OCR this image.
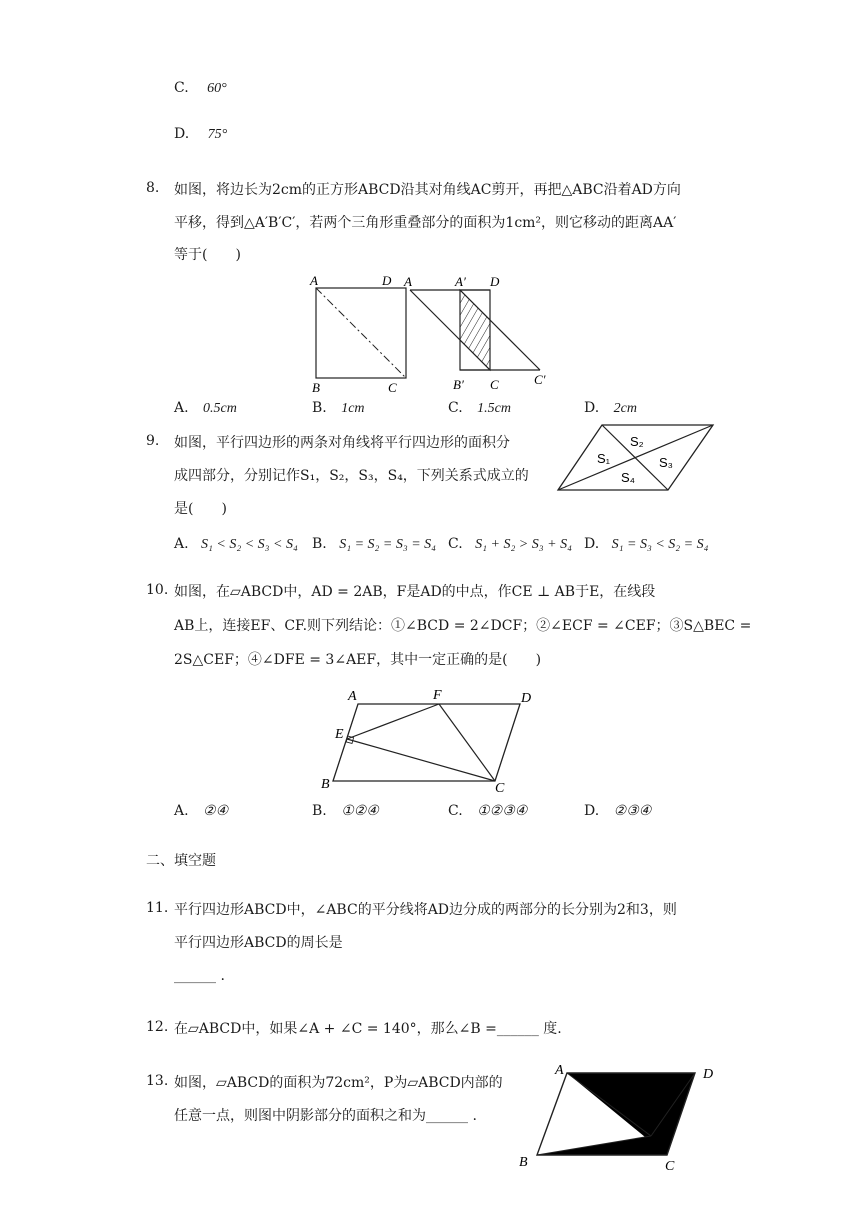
C. 60°
D. 75°
8. 如图，将边长为2cm的正方形ABCD沿其对角线AC剪开，再把△ABC沿着AD方向
平移，得到△A′B′C′，若两个三角形重叠部分的面积为1cm²，则它移动的距离AA′
等于(　　)
A	D
B	C
A	A′ D
B′ C	C′
A. 0.5cm	B. 1cm	C. 1.5cm	D. 2cm
9. 如图，平行四边形的两条对角线将平行四边形的面积分
成四部分，分别记作S₁，S₂，S₃，S₄，下列关系式成立的
是(　　)
S₂
S₁	S₃
S₄
A. S₁ < S₂ < S₃ < S₄ B. S₁ = S₂ = S₃ = S₄ C. S₁ + S₂ > S₃ + S₄ D. S₁ = S₃ < S₂ = S₄
10. 如图，在▱ABCD中，AD = 2AB，F是AD的中点，作CE ⊥ AB于E，在线段
AB上，连接EF、CF.则下列结论：①∠BCD = 2∠DCF；②∠ECF = ∠CEF；③S△BEC =
2S△CEF；④∠DFE = 3∠AEF，其中一定正确的是(　　)
A	F	D
E
B	C
A. ②④	B. ①②④	C. ①②③④	D. ②③④
二、填空题
11. 平行四边形ABCD中，∠ABC的平分线将AD边分成的两部分的长分别为2和3，则
平行四边形ABCD的周长是
______ .
12. 在▱ABCD中，如果∠A + ∠C = 140°，那么∠B =______ 度.
13. 如图，▱ABCD的面积为72cm²，P为▱ABCD内部的
任意一点，则图中阴影部分的面积之和为______ .
A	D
B	C
